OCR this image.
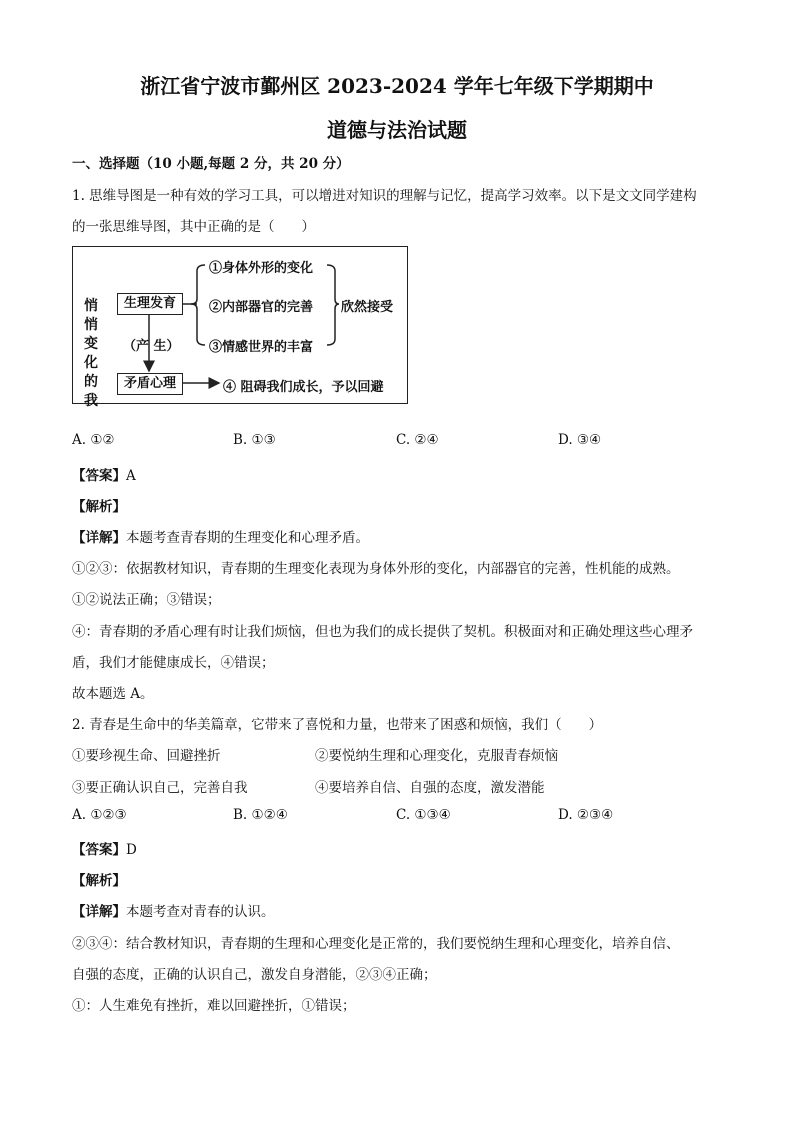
浙江省宁波市鄞州区 2023-2024 学年七年级下学期期中
道德与法治试题
一、选择题（10 小题,每题 2 分，共 20 分）
1. 思维导图是一种有效的学习工具，可以增进对知识的理解与记忆，提高学习效率。以下是文文同学建构
的一张思维导图，其中正确的是（　　）
悄悄变化的我
生理发育
矛盾心理
①身体外形的变化
②内部器官的完善
③情感世界的丰富
④ 阻碍我们成长，予以回避
欣然接受
（产 生）
A. ①②	B. ①③	C. ②④	D. ③④
【答案】A
【解析】
【详解】本题考查青春期的生理变化和心理矛盾。
①②③：依据教材知识，青春期的生理变化表现为身体外形的变化，内部器官的完善，性机能的成熟。
①②说法正确；③错误；
④：青春期的矛盾心理有时让我们烦恼，但也为我们的成长提供了契机。积极面对和正确处理这些心理矛
盾，我们才能健康成长，④错误；
故本题选 A。
2. 青春是生命中的华美篇章，它带来了喜悦和力量，也带来了困惑和烦恼，我们（　　）
①要珍视生命、回避挫折	②要悦纳生理和心理变化，克服青春烦恼
③要正确认识自己，完善自我	④要培养自信、自强的态度，激发潜能
A. ①②③	B. ①②④	C. ①③④	D. ②③④
【答案】D
【解析】
【详解】本题考查对青春的认识。
②③④：结合教材知识，青春期的生理和心理变化是正常的，我们要悦纳生理和心理变化，培养自信、
自强的态度，正确的认识自己，激发自身潜能，②③④正确；
①：人生难免有挫折，难以回避挫折，①错误；
